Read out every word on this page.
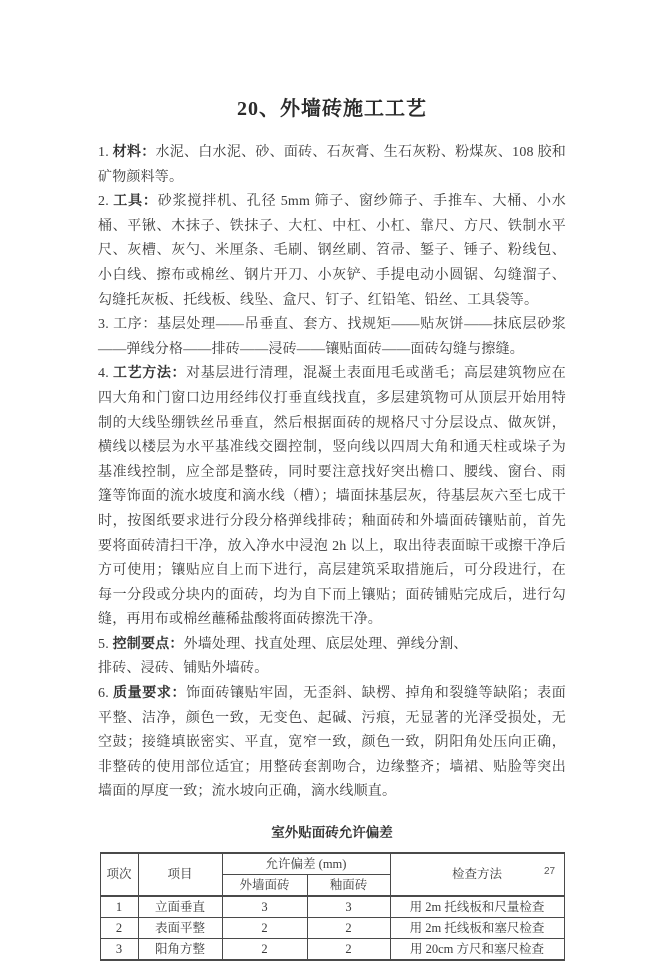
20、外墙砖施工工艺

1. 材料：水泥、白水泥、砂、面砖、石灰膏、生石灰粉、粉煤灰、108 胶和矿物颜料等。

2. 工具：砂浆搅拌机、孔径 5mm 筛子、窗纱筛子、手推车、大桶、小水桶、平锹、木抹子、铁抹子、大杠、中杠、小杠、靠尺、方尺、铁制水平尺、灰槽、灰勺、米厘条、毛刷、钢丝刷、笤帚、錾子、锤子、粉线包、小白线、擦布或棉丝、钢片开刀、小灰铲、手提电动小圆锯、勾缝溜子、勾缝托灰板、托线板、线坠、盒尺、钉子、红铅笔、铅丝、工具袋等。

3. 工序：基层处理——吊垂直、套方、找规矩——贴灰饼——抹底层砂浆——弹线分格——排砖——浸砖——镶贴面砖——面砖勾缝与擦缝。

4. 工艺方法：对基层进行清理，混凝土表面甩毛或凿毛；高层建筑物应在四大角和门窗口边用经纬仪打垂直线找直，多层建筑物可从顶层开始用特制的大线坠绷铁丝吊垂直，然后根据面砖的规格尺寸分层设点、做灰饼，横线以楼层为水平基准线交圈控制，竖向线以四周大角和通天柱或垛子为基准线控制，应全部是整砖，同时要注意找好突出檐口、腰线、窗台、雨篷等饰面的流水坡度和滴水线（槽）；墙面抹基层灰，待基层灰六至七成干时，按图纸要求进行分段分格弹线排砖；釉面砖和外墙面砖镶贴前，首先要将面砖清扫干净，放入净水中浸泡 2h 以上，取出待表面晾干或擦干净后方可使用；镶贴应自上而下进行，高层建筑采取措施后，可分段进行，在每一分段或分块内的面砖，均为自下而上镶贴；面砖铺贴完成后，进行勾缝，再用布或棉丝蘸稀盐酸将面砖擦洗干净。

5. 控制要点：外墙处理、找直处理、底层处理、弹线分割、
排砖、浸砖、铺贴外墙砖。

6. 质量要求：饰面砖镶贴牢固，无歪斜、缺楞、掉角和裂缝等缺陷；表面平整、洁净，颜色一致，无变色、起碱、污痕，无显著的光泽受损处，无空鼓；接缝填嵌密实、平直，宽窄一致，颜色一致，阴阳角处压向正确，非整砖的使用部位适宜；用整砖套割吻合，边缘整齐；墙裙、贴脸等突出墙面的厚度一致；流水坡向正确，滴水线顺直。

室外贴面砖允许偏差
项次	项目	允许偏差 (mm)		检查方法
		外墙面砖	釉面砖	
1	立面垂直	3	3	用 2m 托线板和尺量检查
2	表面平整	2	2	用 2m 托线板和塞尺检查
3	阳角方整	2	2	用 20cm 方尺和塞尺检查
27
